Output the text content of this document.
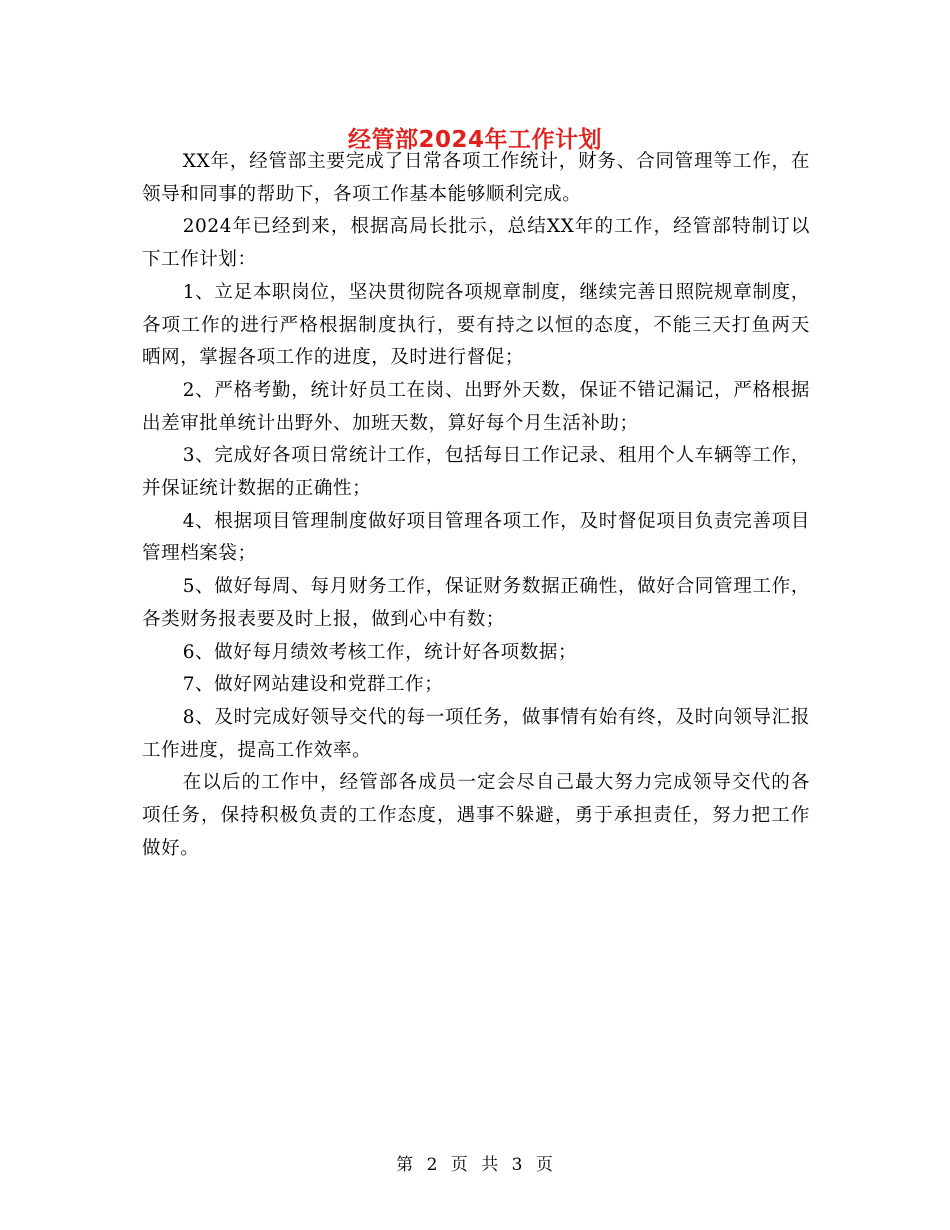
经管部2024年工作计划

XX年，经管部主要完成了日常各项工作统计，财务、合同管理等工作，在领导和同事的帮助下，各项工作基本能够顺利完成。

2024年已经到来，根据高局长批示，总结XX年的工作，经管部特制订以下工作计划：

1、立足本职岗位，坚决贯彻院各项规章制度，继续完善日照院规章制度，各项工作的进行严格根据制度执行，要有持之以恒的态度，不能三天打鱼两天晒网，掌握各项工作的进度，及时进行督促；

2、严格考勤，统计好员工在岗、出野外天数，保证不错记漏记，严格根据出差审批单统计出野外、加班天数，算好每个月生活补助；

3、完成好各项日常统计工作，包括每日工作记录、租用个人车辆等工作，并保证统计数据的正确性；

4、根据项目管理制度做好项目管理各项工作，及时督促项目负责完善项目管理档案袋；

5、做好每周、每月财务工作，保证财务数据正确性，做好合同管理工作，各类财务报表要及时上报，做到心中有数；

6、做好每月绩效考核工作，统计好各项数据；

7、做好网站建设和党群工作；

8、及时完成好领导交代的每一项任务，做事情有始有终，及时向领导汇报工作进度，提高工作效率。

在以后的工作中，经管部各成员一定会尽自己最大努力完成领导交代的各项任务，保持积极负责的工作态度，遇事不躲避，勇于承担责任，努力把工作做好。

第 2 页 共 3 页
